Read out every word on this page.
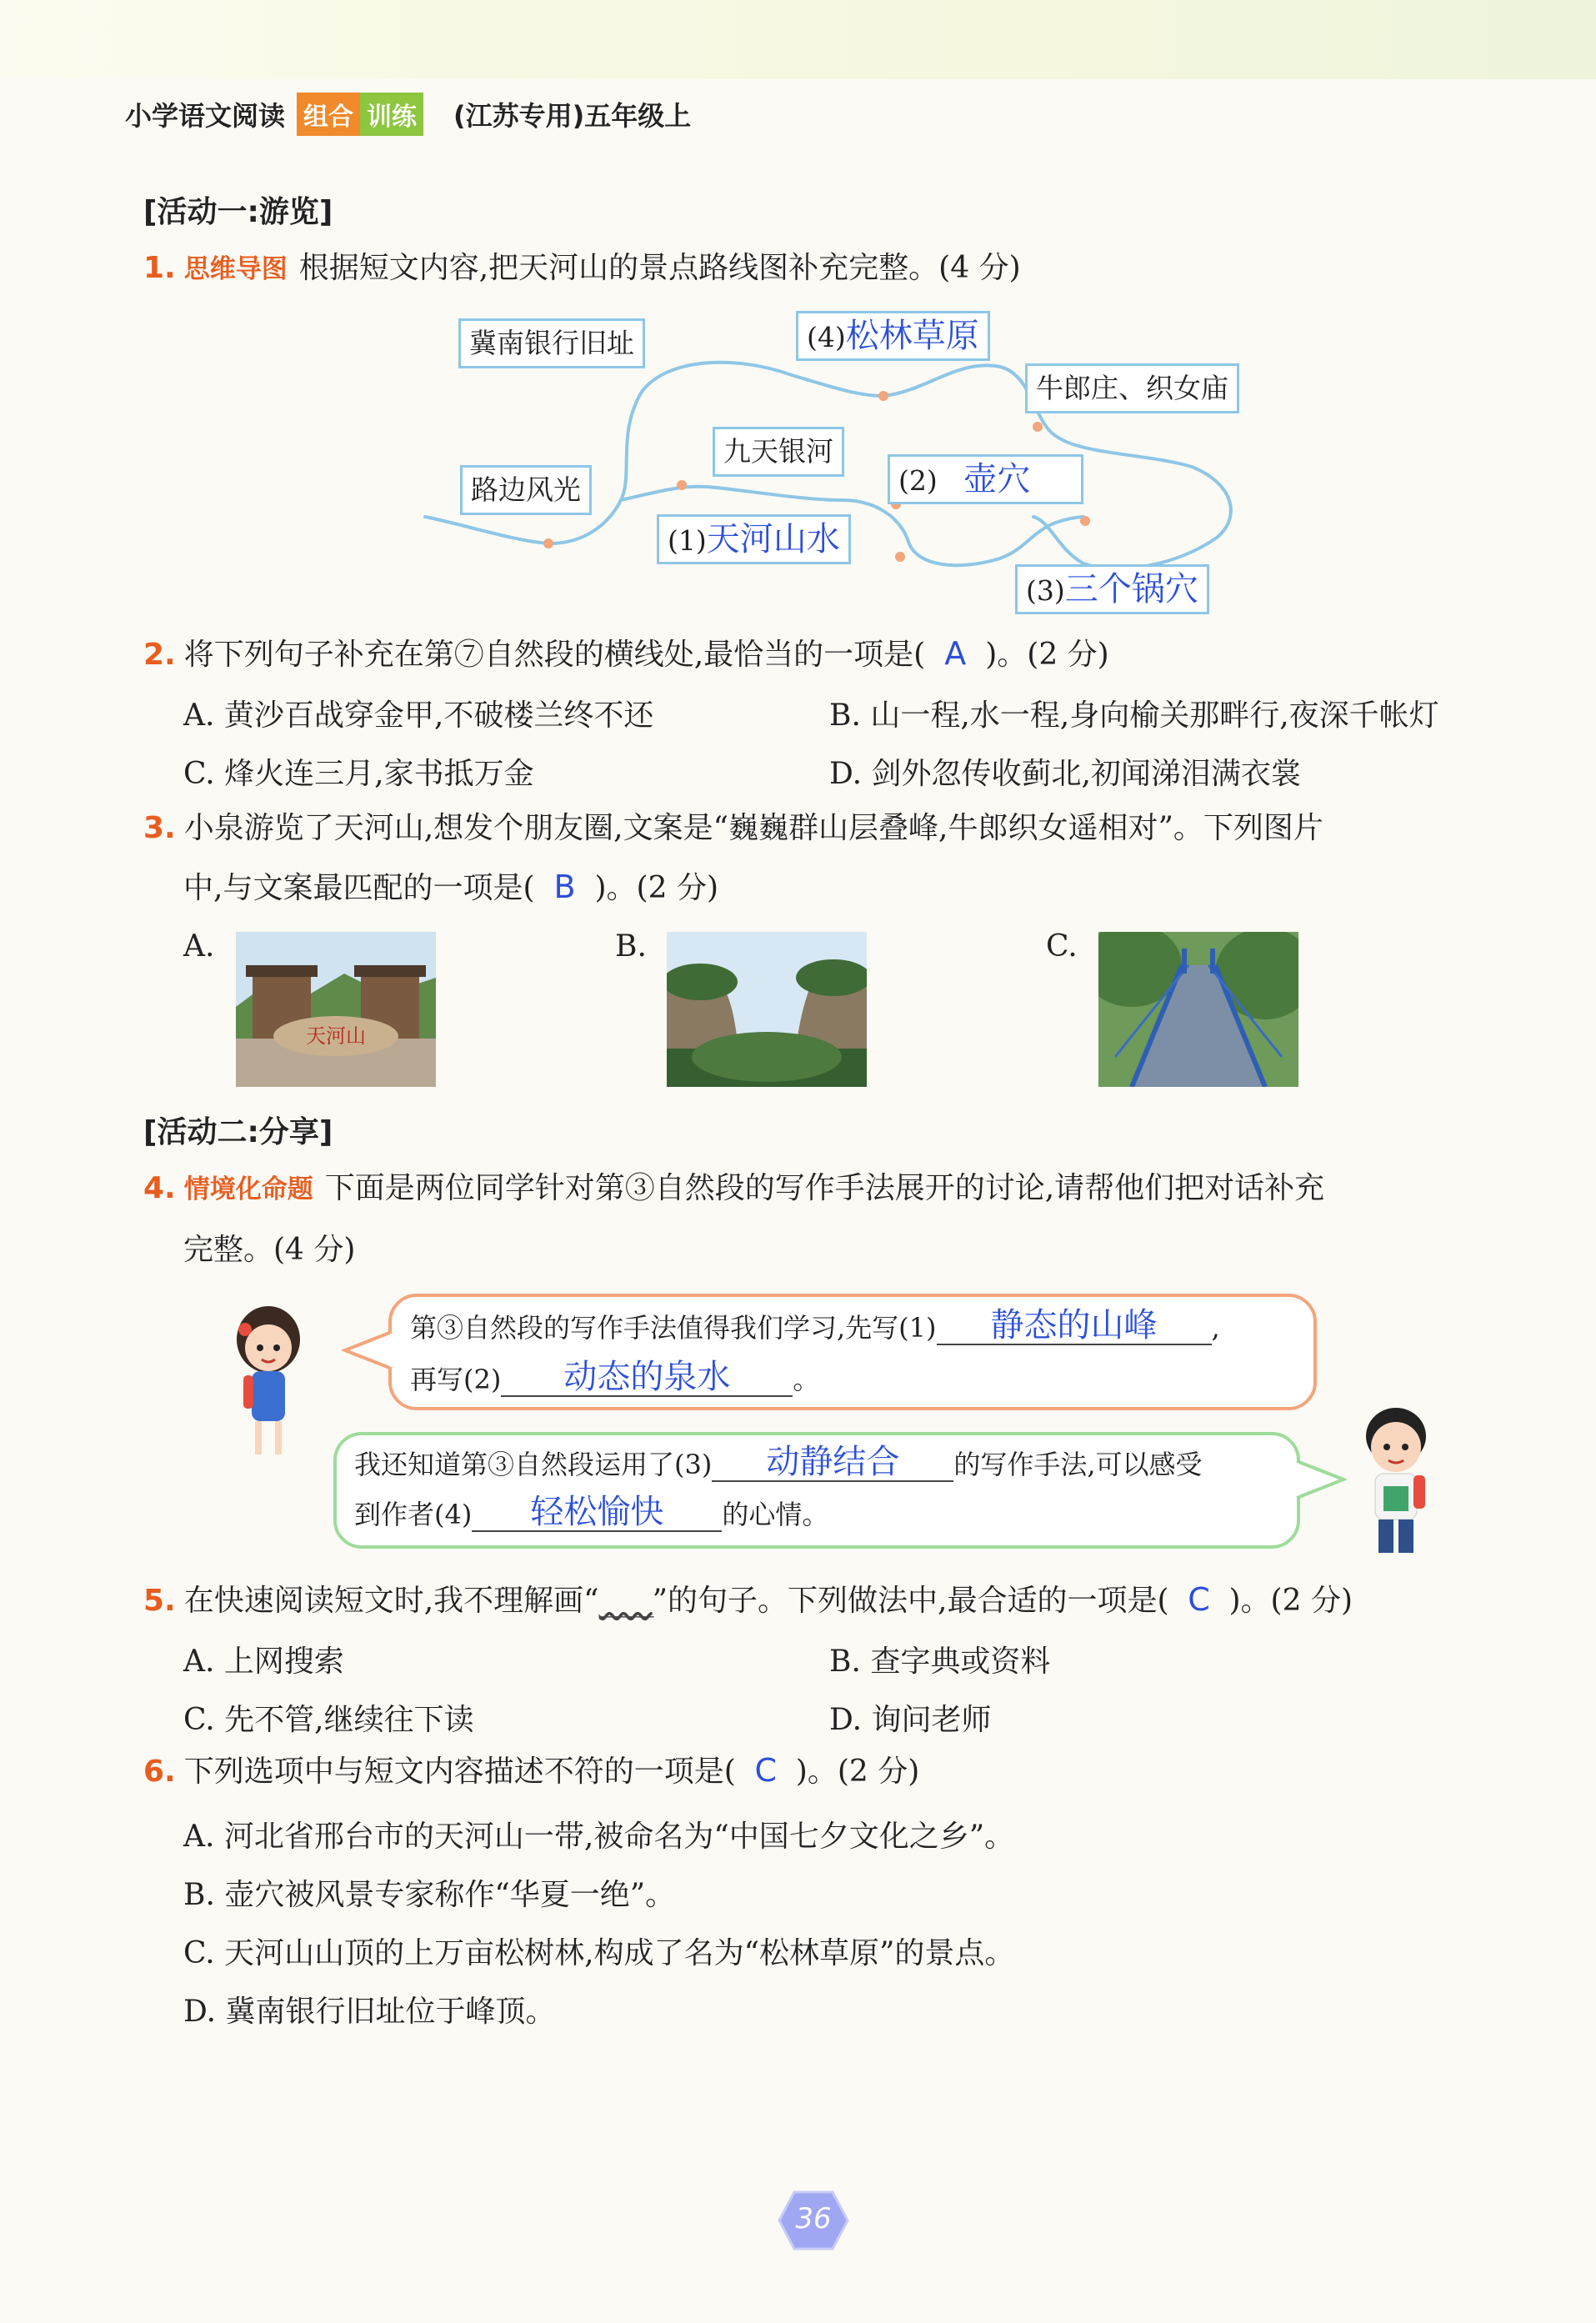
小学语文阅读 组合 训练 (江苏专用)五年级上
[活动一:游览]
1. 思维导图 根据短文内容,把天河山的景点路线图补充完整。(4 分)
冀南银行旧址	(4)松林草原
牛郎庄、织女庙
九天银河
(2) 壶穴
路边风光
(1)天河山水
(3)三个锅穴
2. 将下列句子补充在第⑦自然段的横线处,最恰当的一项是( A )。(2 分)
A. 黄沙百战穿金甲,不破楼兰终不还	B. 山一程,水一程,身向榆关那畔行,夜深千帐灯
C. 烽火连三月,家书抵万金	D. 剑外忽传收蓟北,初闻涕泪满衣裳
3. 小泉游览了天河山,想发个朋友圈,文案是“巍巍群山层叠峰,牛郎织女遥相对”。下列图片
中,与文案最匹配的一项是( B )。(2 分)
A.
天河山
B.	C.
[活动二:分享]
4. 情境化命题 下面是两位同学针对第③自然段的写作手法展开的讨论,请帮他们把对话补充
完整。(4 分)
第③自然段的写作手法值得我们学习,先写(1) 静态的山峰 ,
再写(2) 动态的泉水 。
我还知道第③自然段运用了(3) 动静结合 的写作手法,可以感受
到作者(4) 轻松愉快 的心情。
5. 在快速阅读短文时,我不理解画“____”的句子。下列做法中,最合适的一项是( C )。(2 分)
A. 上网搜索	B. 查字典或资料
C. 先不管,继续往下读	D. 询问老师
6. 下列选项中与短文内容描述不符的一项是( C )。(2 分)
A. 河北省邢台市的天河山一带,被命名为“中国七夕文化之乡”。
B. 壶穴被风景专家称作“华夏一绝”。
C. 天河山山顶的上万亩松树林,构成了名为“松林草原”的景点。
D. 冀南银行旧址位于峰顶。
36
